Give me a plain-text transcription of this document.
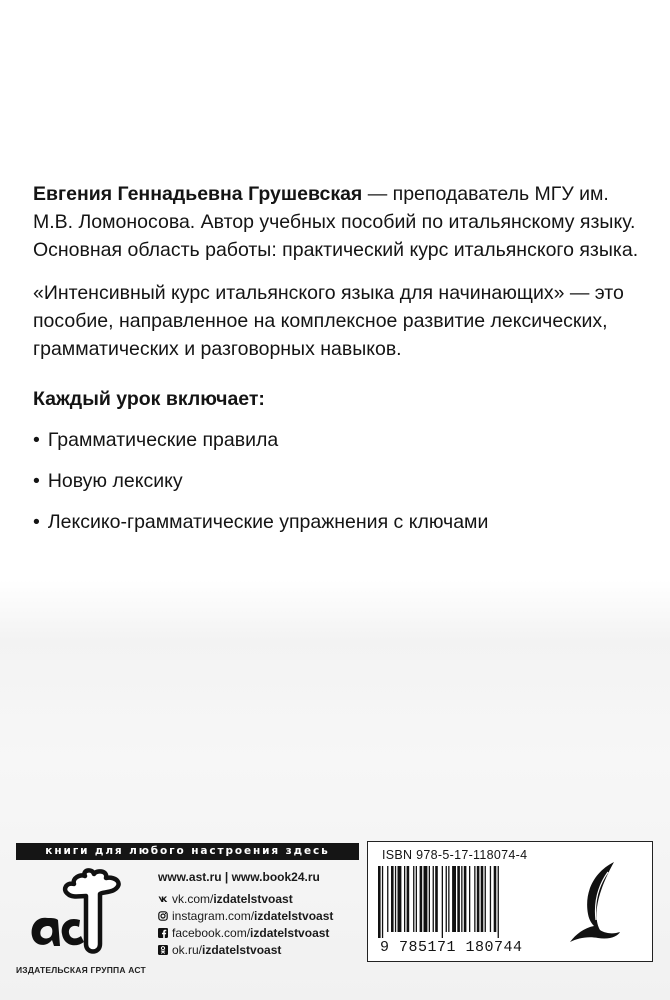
Евгения Геннадьевна Грушевская — преподаватель МГУ им. М.В. Ломоносова. Автор учебных пособий по итальянскому языку. Основная область работы: практический курс итальянского языка.

«Интенсивный курс итальянского языка для начинающих» — это пособие, направленное на комплексное развитие лексических, грамматических и разговорных навыков.

Каждый урок включает:

• Грамматические правила
• Новую лексику
• Лексико-грамматические упражнения с ключами
книги для любого настроения здесь
ИЗДАТЕЛЬСКАЯ ГРУППА АСТ
www.ast.ru | www.book24.ru
vk.com/ izdatelstvoast
instagram.com/ izdatelstvoast
facebook.com/ izdatelstvoast
ok.ru/ izdatelstvoast
ISBN 978-5-17-118074-4
9 785171 180744
